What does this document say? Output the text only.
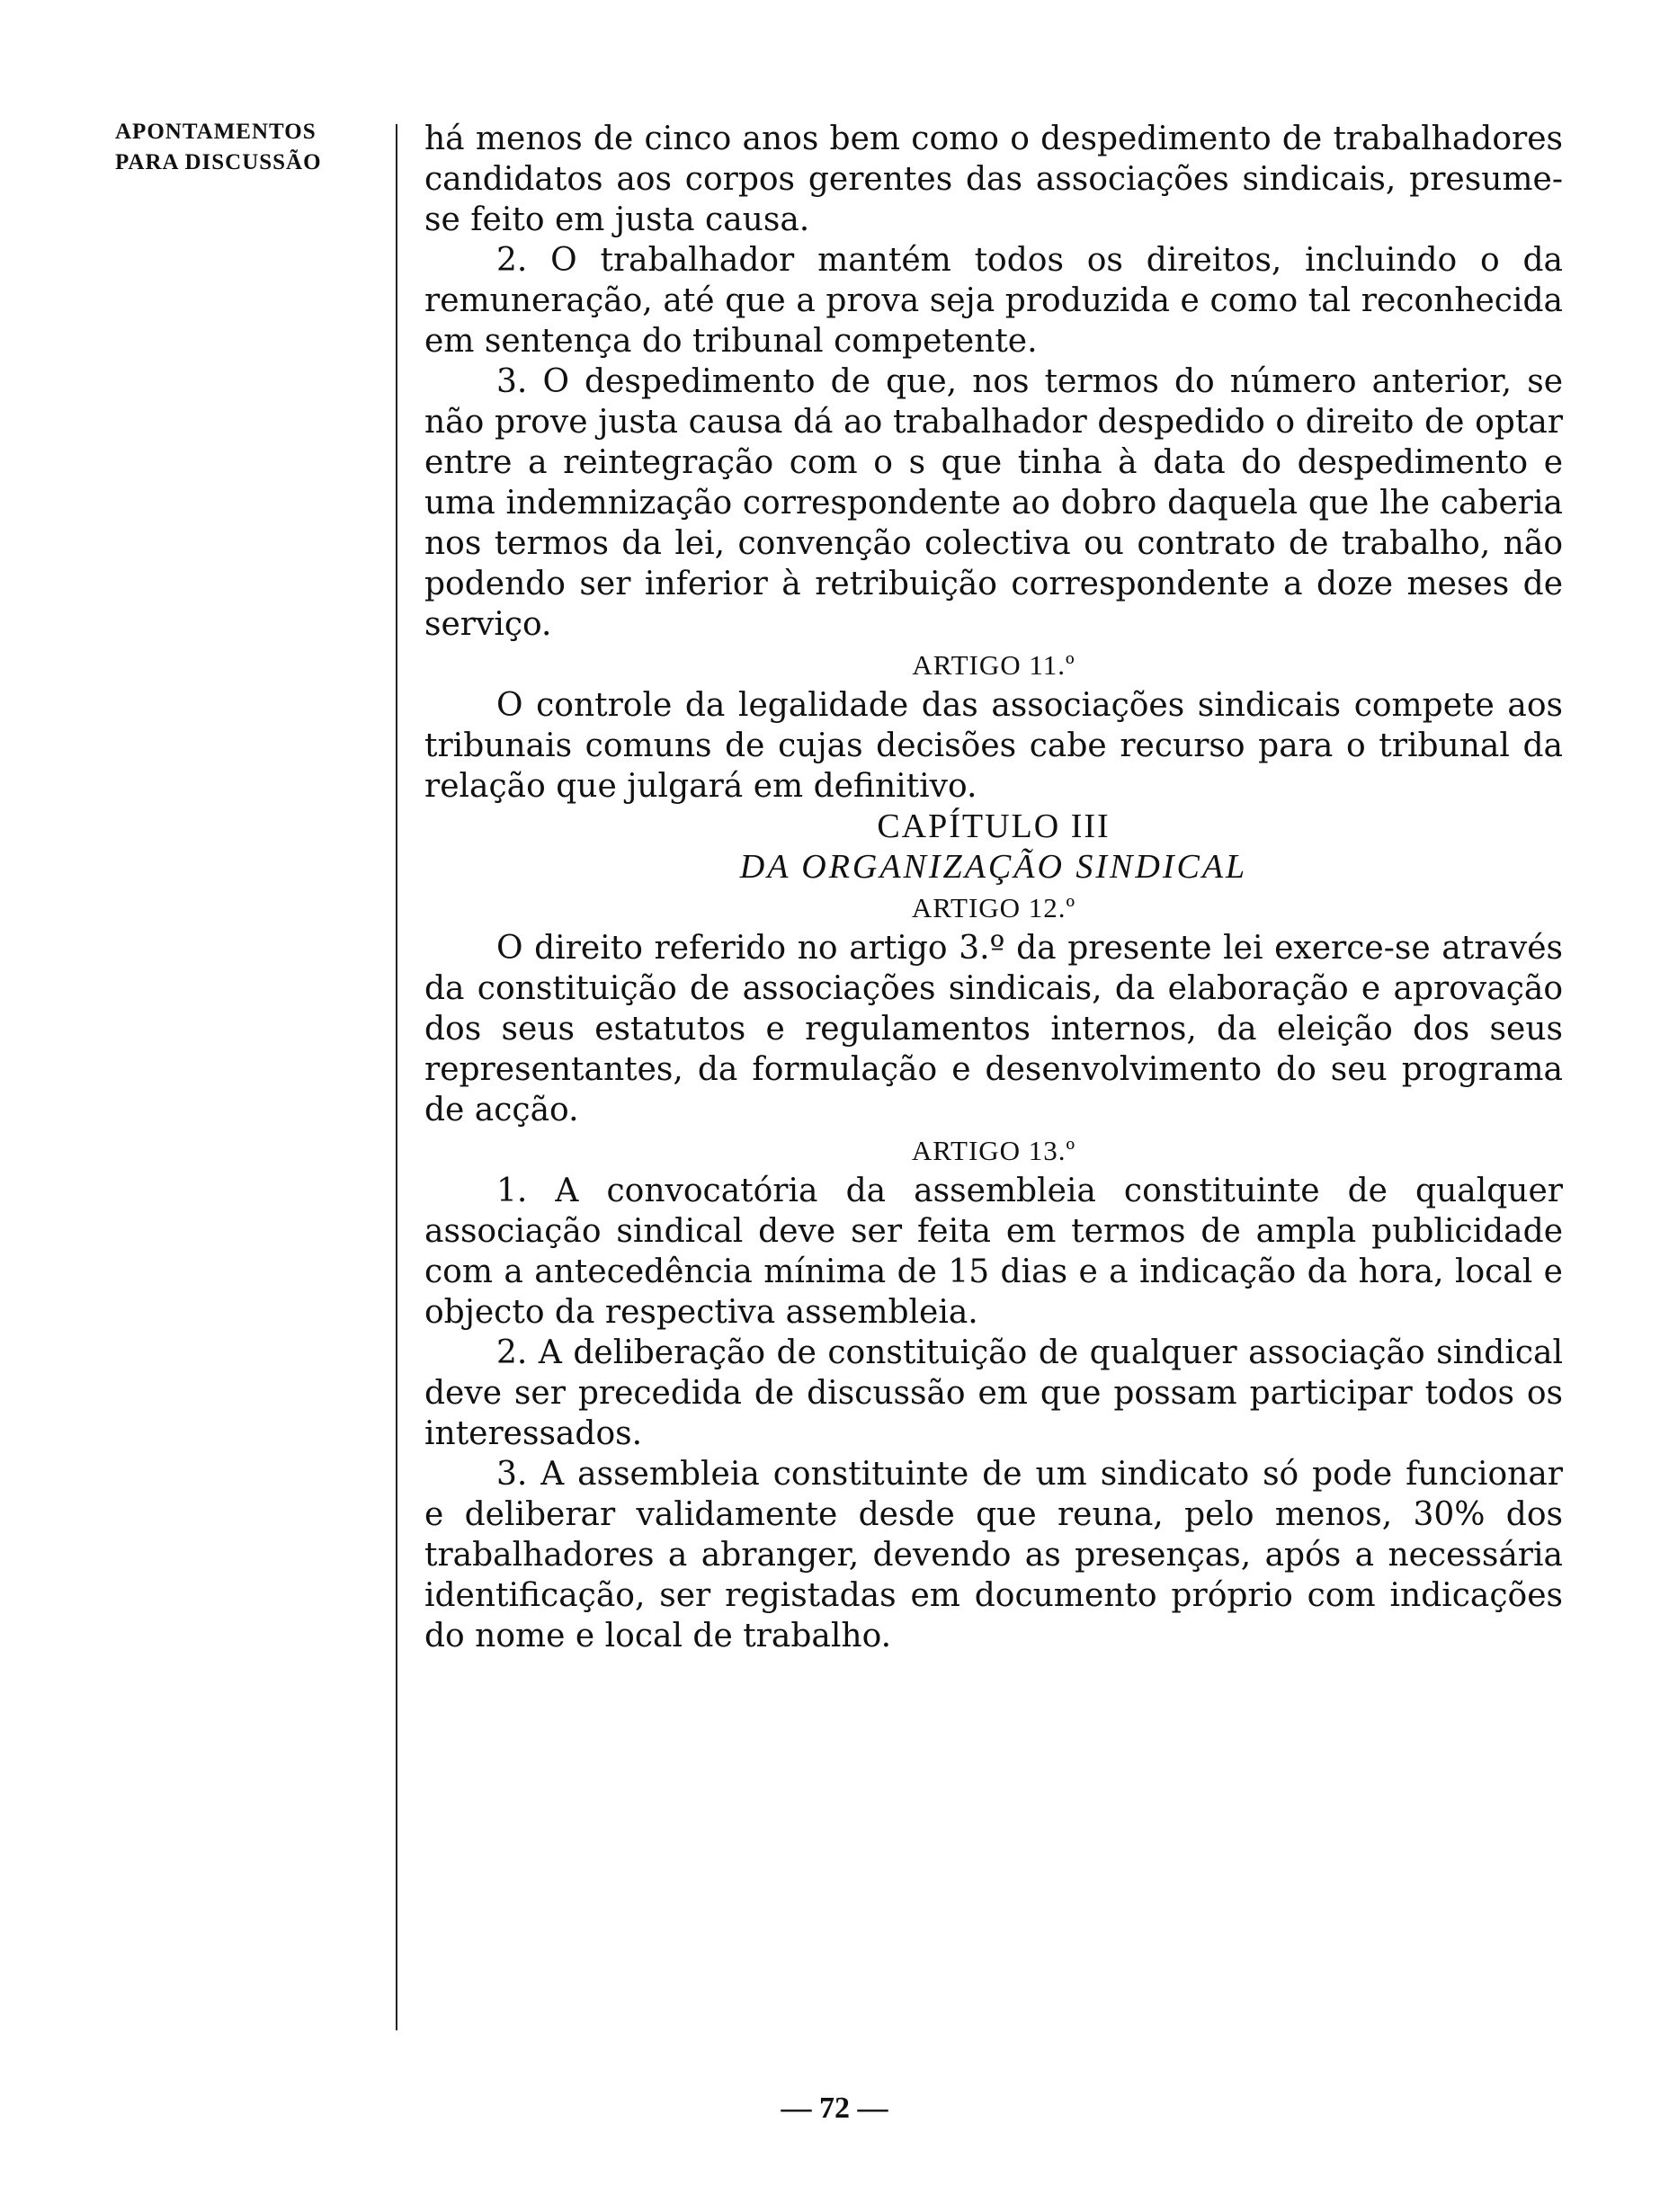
APONTAMENTOS
PARA DISCUSSÃO

há menos de cinco anos bem como o despedimento de trabalhadores candidatos aos corpos gerentes das associações sindicais, presume-se feito em justa causa.

2. O trabalhador mantém todos os direitos, incluindo o da remuneração, até que a prova seja produzida e como tal reconhecida em sentença do tribunal competente.

3. O despedimento de que, nos termos do número anterior, se não prove justa causa dá ao trabalhador despedido o direito de optar entre a reintegração com o s que tinha à data do despedimento e uma indemnização correspondente ao dobro daquela que lhe caberia nos termos da lei, convenção colectiva ou contrato de trabalho, não podendo ser inferior à retribuição correspondente a doze meses de serviço.

ARTIGO 11.º

O controle da legalidade das associações sindicais compete aos tribunais comuns de cujas decisões cabe recurso para o tribunal da relação que julgará em definitivo.

CAPÍTULO III

DA ORGANIZAÇÃO SINDICAL

ARTIGO 12.º

O direito referido no artigo 3.º da presente lei exerce-se através da constituição de associações sindicais, da elaboração e aprovação dos seus estatutos e regulamentos internos, da eleição dos seus representantes, da formulação e desenvolvimento do seu programa de acção.

ARTIGO 13.º

1. A convocatória da assembleia constituinte de qualquer associação sindical deve ser feita em termos de ampla publicidade com a antecedência mínima de 15 dias e a indicação da hora, local e objecto da respectiva assembleia.

2. A deliberação de constituição de qualquer associação sindical deve ser precedida de discussão em que possam participar todos os interessados.

3. A assembleia constituinte de um sindicato só pode funcionar e deliberar validamente desde que reuna, pelo menos, 30% dos trabalhadores a abranger, devendo as presenças, após a necessária identificação, ser registadas em documento próprio com indicações do nome e local de trabalho.

— 72 —
